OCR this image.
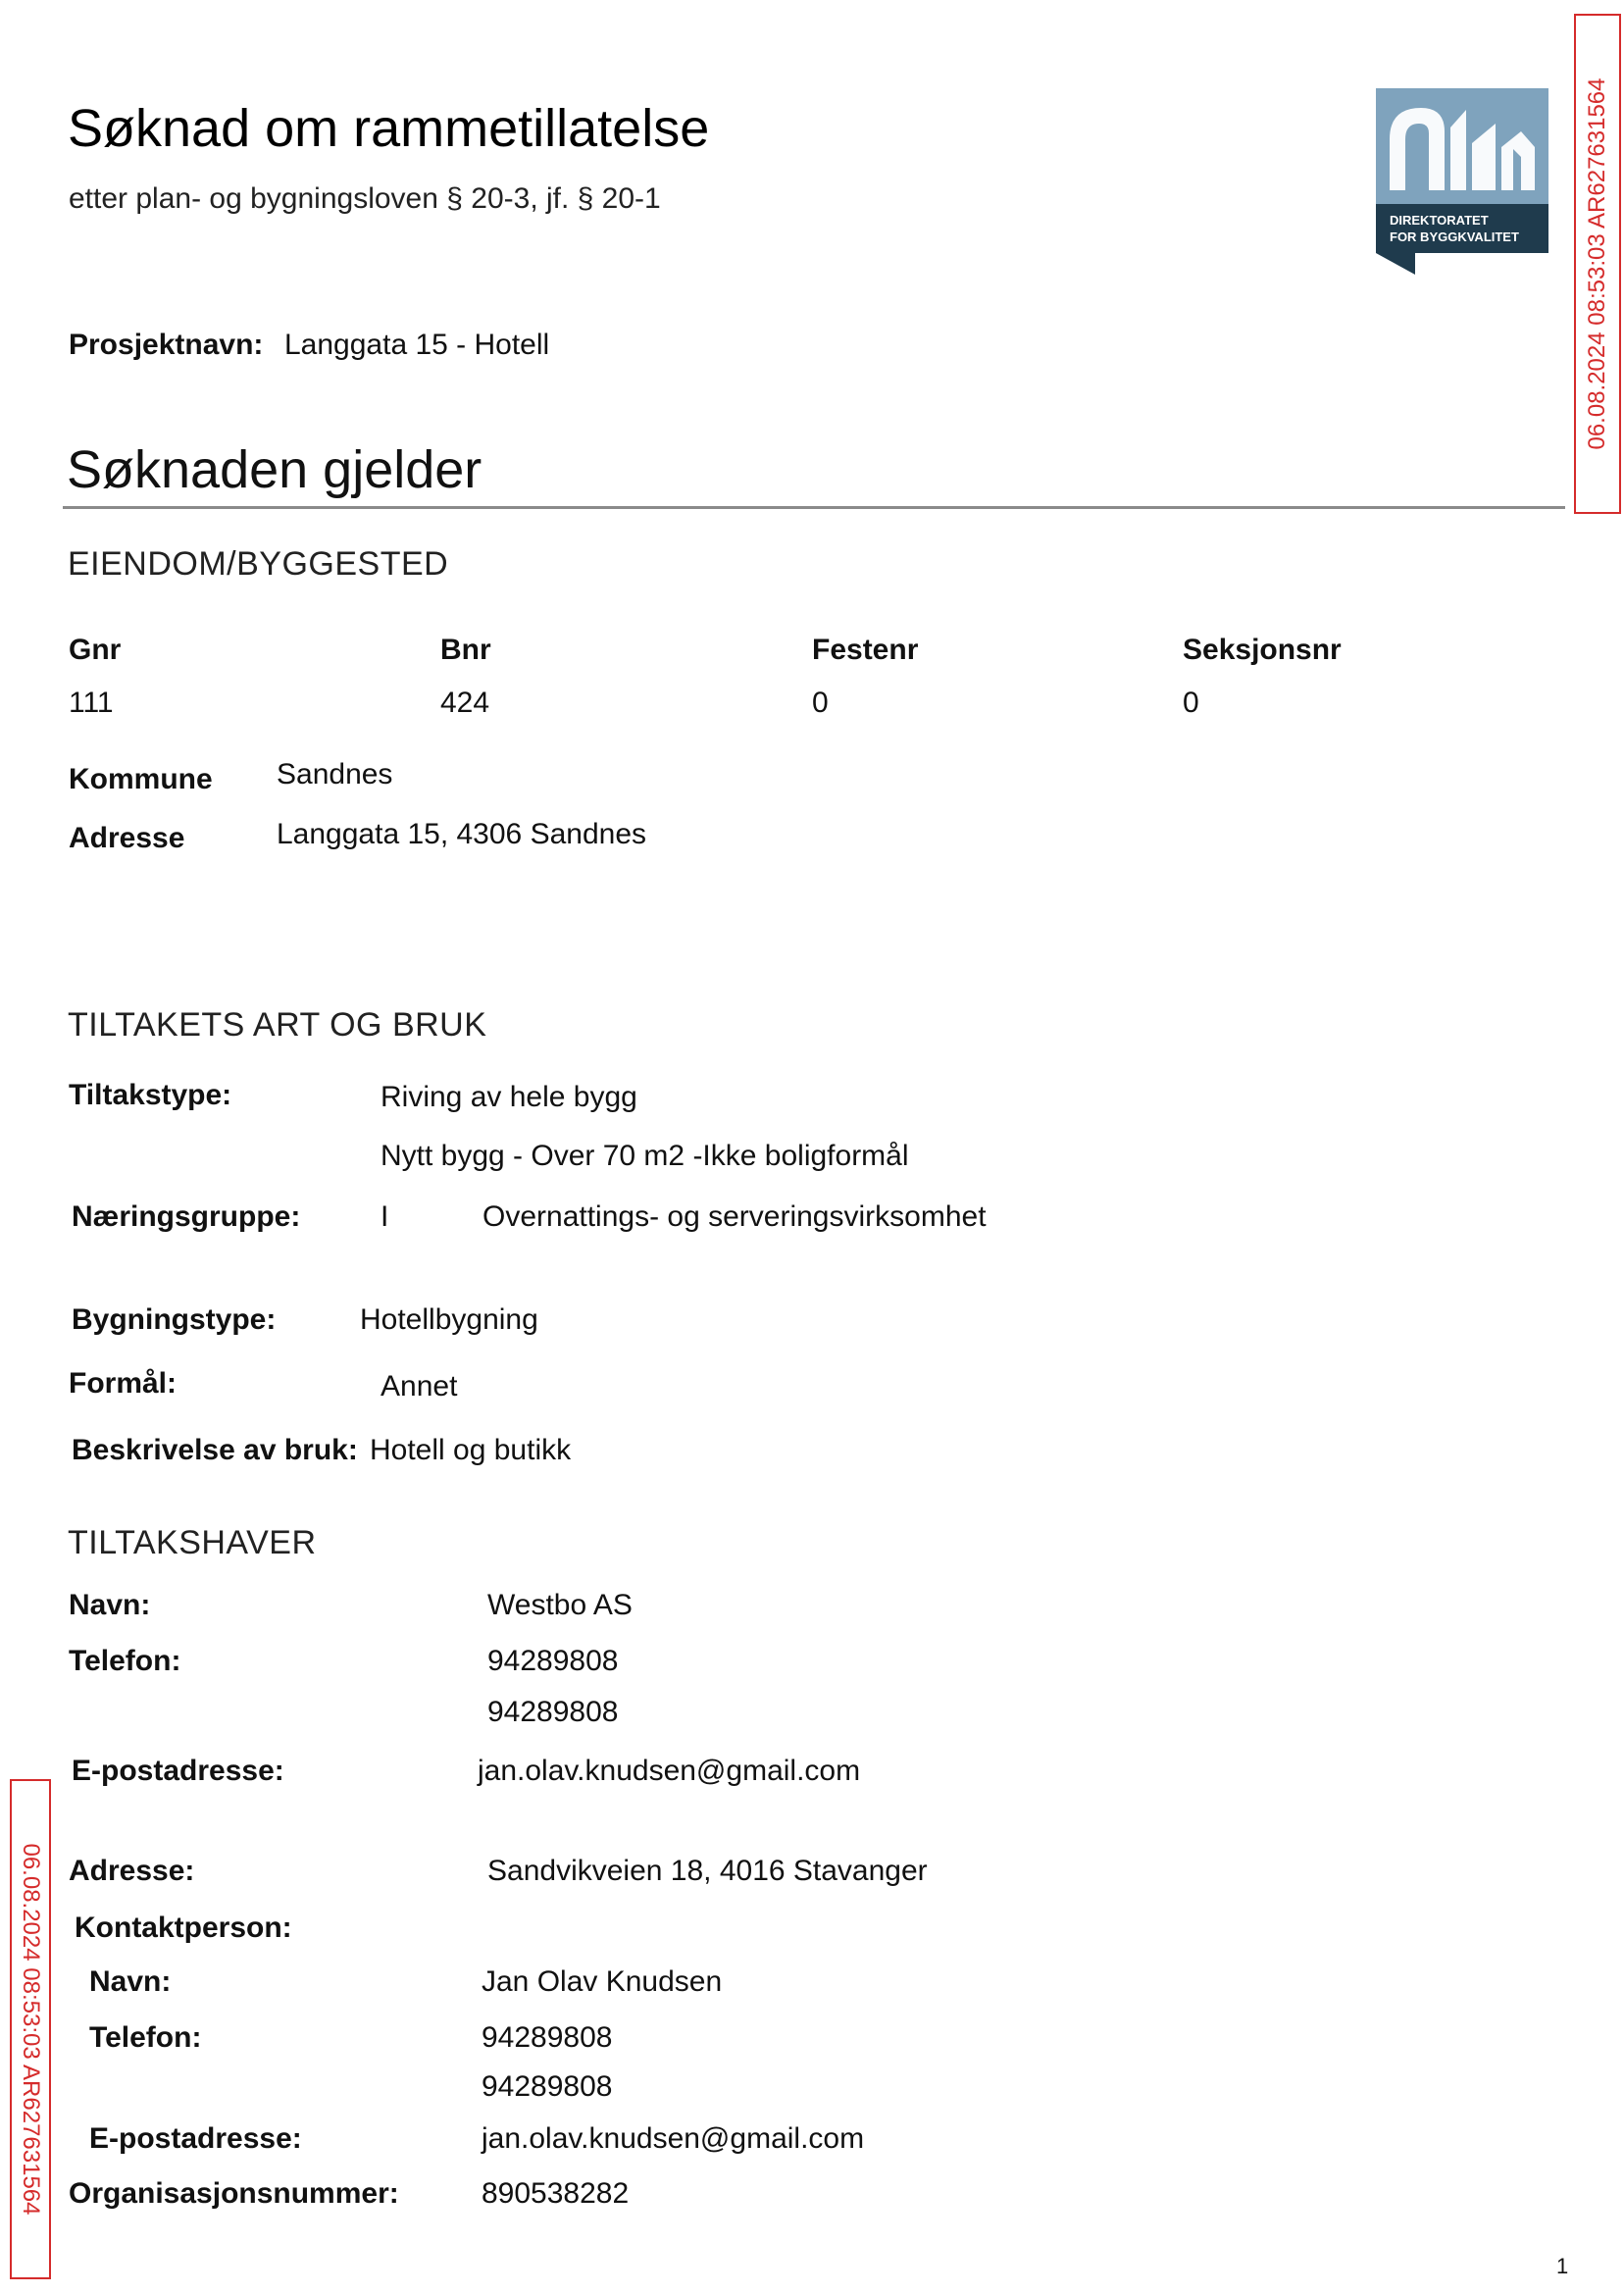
Søknad om rammetillatelse
etter plan- og bygningsloven § 20-3, jf. § 20-1
Prosjektnavn: Langgata 15 - Hotell
DIREKTORATET
FOR BYGGKVALITET	06.08.2024 08:53:03 AR627631564
06.08.2024 08:53:03 AR627631564
Søknaden gjelder
EIENDOM/BYGGESTED
Gnr	Bnr	Festenr	Seksjonsnr
111	424	0	0
Kommune Sandnes
Adresse	Langgata 15, 4306 Sandnes
TILTAKETS ART OG BRUK
Tiltakstype:	Riving av hele bygg
Nytt bygg - Over 70 m2 -Ikke boligformål
Næringsgruppe:	I	Overnattings- og serveringsvirksomhet
Bygningstype:	Hotellbygning
Formål:	Annet
Beskrivelse av bruk: Hotell og butikk
TILTAKSHAVER
Navn:	Westbo AS
Telefon:	94289808
94289808
E-postadresse:	jan.olav.knudsen@gmail.com
Adresse:	Sandvikveien 18, 4016 Stavanger
Kontaktperson:
Navn:	Jan Olav Knudsen
Telefon:	94289808
94289808
E-postadresse:	jan.olav.knudsen@gmail.com
Organisasjonsnummer:	890538282
1
